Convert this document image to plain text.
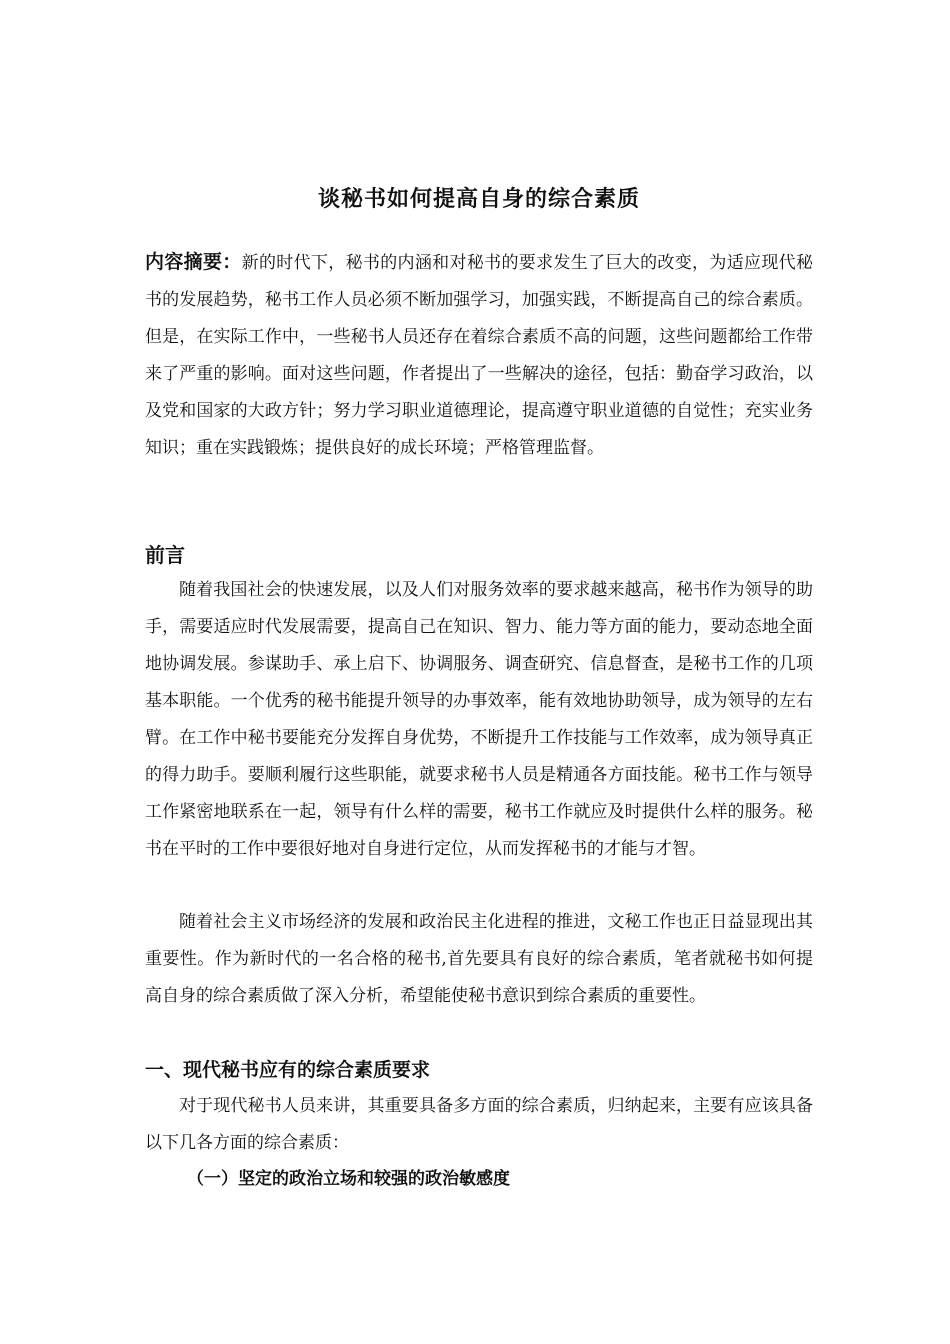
谈秘书如何提高自身的综合素质

内容摘要：新的时代下，秘书的内涵和对秘书的要求发生了巨大的改变，为适应现代秘书的发展趋势，秘书工作人员必须不断加强学习，加强实践，不断提高自己的综合素质。但是，在实际工作中，一些秘书人员还存在着综合素质不高的问题，这些问题都给工作带来了严重的影响。面对这些问题，作者提出了一些解决的途径，包括：勤奋学习政治，以及党和国家的大政方针；努力学习职业道德理论，提高遵守职业道德的自觉性；充实业务知识；重在实践锻炼；提供良好的成长环境；严格管理监督。

前言

随着我国社会的快速发展，以及人们对服务效率的要求越来越高，秘书作为领导的助手，需要适应时代发展需要，提高自己在知识、智力、能力等方面的能力，要动态地全面地协调发展。参谋助手、承上启下、协调服务、调查研究、信息督查，是秘书工作的几项基本职能。一个优秀的秘书能提升领导的办事效率，能有效地协助领导，成为领导的左右臂。在工作中秘书要能充分发挥自身优势，不断提升工作技能与工作效率，成为领导真正的得力助手。要顺利履行这些职能，就要求秘书人员是精通各方面技能。秘书工作与领导工作紧密地联系在一起，领导有什么样的需要，秘书工作就应及时提供什么样的服务。秘书在平时的工作中要很好地对自身进行定位，从而发挥秘书的才能与才智。

随着社会主义市场经济的发展和政治民主化进程的推进，文秘工作也正日益显现出其重要性。作为新时代的一名合格的秘书,首先要具有良好的综合素质，笔者就秘书如何提高自身的综合素质做了深入分析，希望能使秘书意识到综合素质的重要性。

一、现代秘书应有的综合素质要求

对于现代秘书人员来讲，其重要具备多方面的综合素质，归纳起来，主要有应该具备以下几各方面的综合素质：

（一）坚定的政治立场和较强的政治敏感度
